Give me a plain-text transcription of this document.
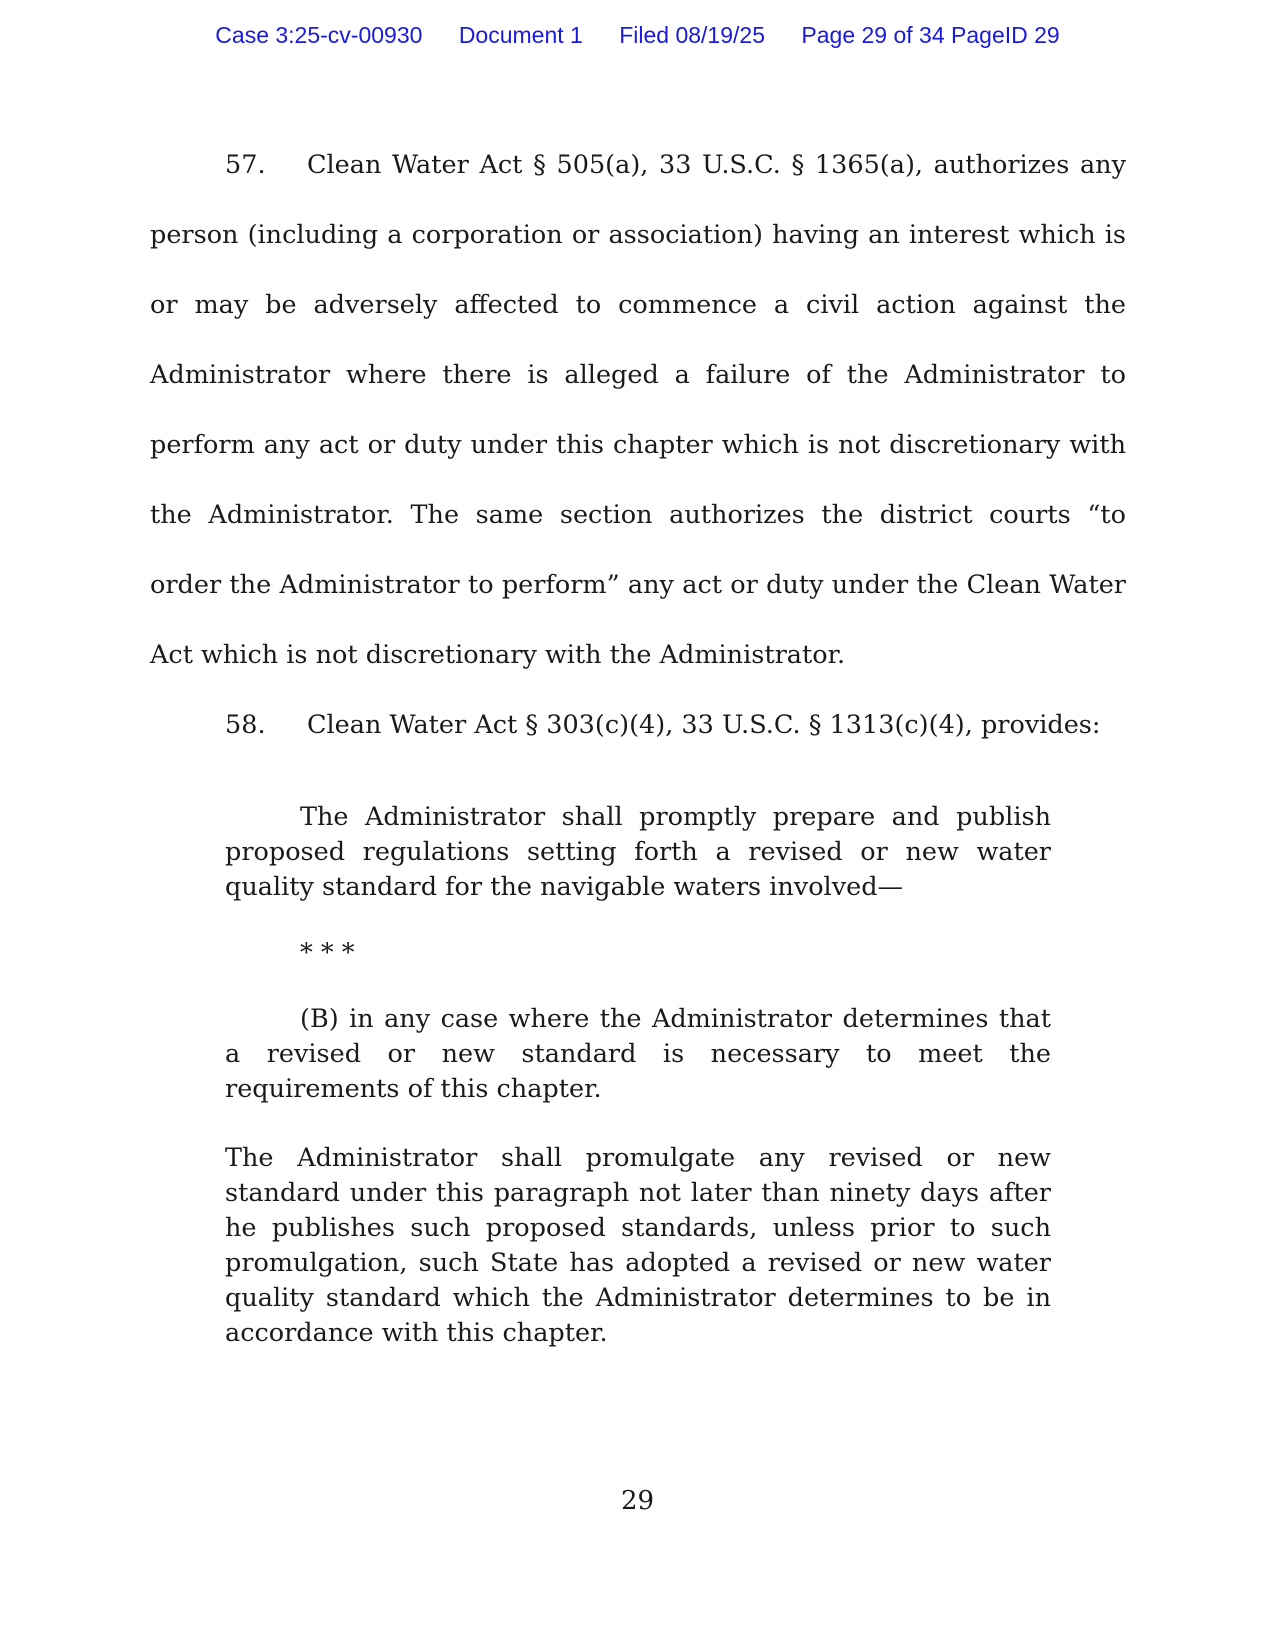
Case 3:25-cv-00930 Document 1 Filed 08/19/25 Page 29 of 34 PageID 29

57. Clean Water Act § 505(a), 33 U.S.C. § 1365(a), authorizes any person (including a corporation or association) having an interest which is or may be adversely affected to commence a civil action against the Administrator where there is alleged a failure of the Administrator to perform any act or duty under this chapter which is not discretionary with the Administrator. The same section authorizes the district courts “to order the Administrator to perform” any act or duty under the Clean Water Act which is not discretionary with the Administrator.

58. Clean Water Act § 303(c)(4), 33 U.S.C. § 1313(c)(4), provides:

The Administrator shall promptly prepare and publish proposed regulations setting forth a revised or new water quality standard for the navigable waters involved—

* * *

(B) in any case where the Administrator determines that a revised or new standard is necessary to meet the requirements of this chapter.

The Administrator shall promulgate any revised or new standard under this paragraph not later than ninety days after he publishes such proposed standards, unless prior to such promulgation, such State has adopted a revised or new water quality standard which the Administrator determines to be in accordance with this chapter.

29
